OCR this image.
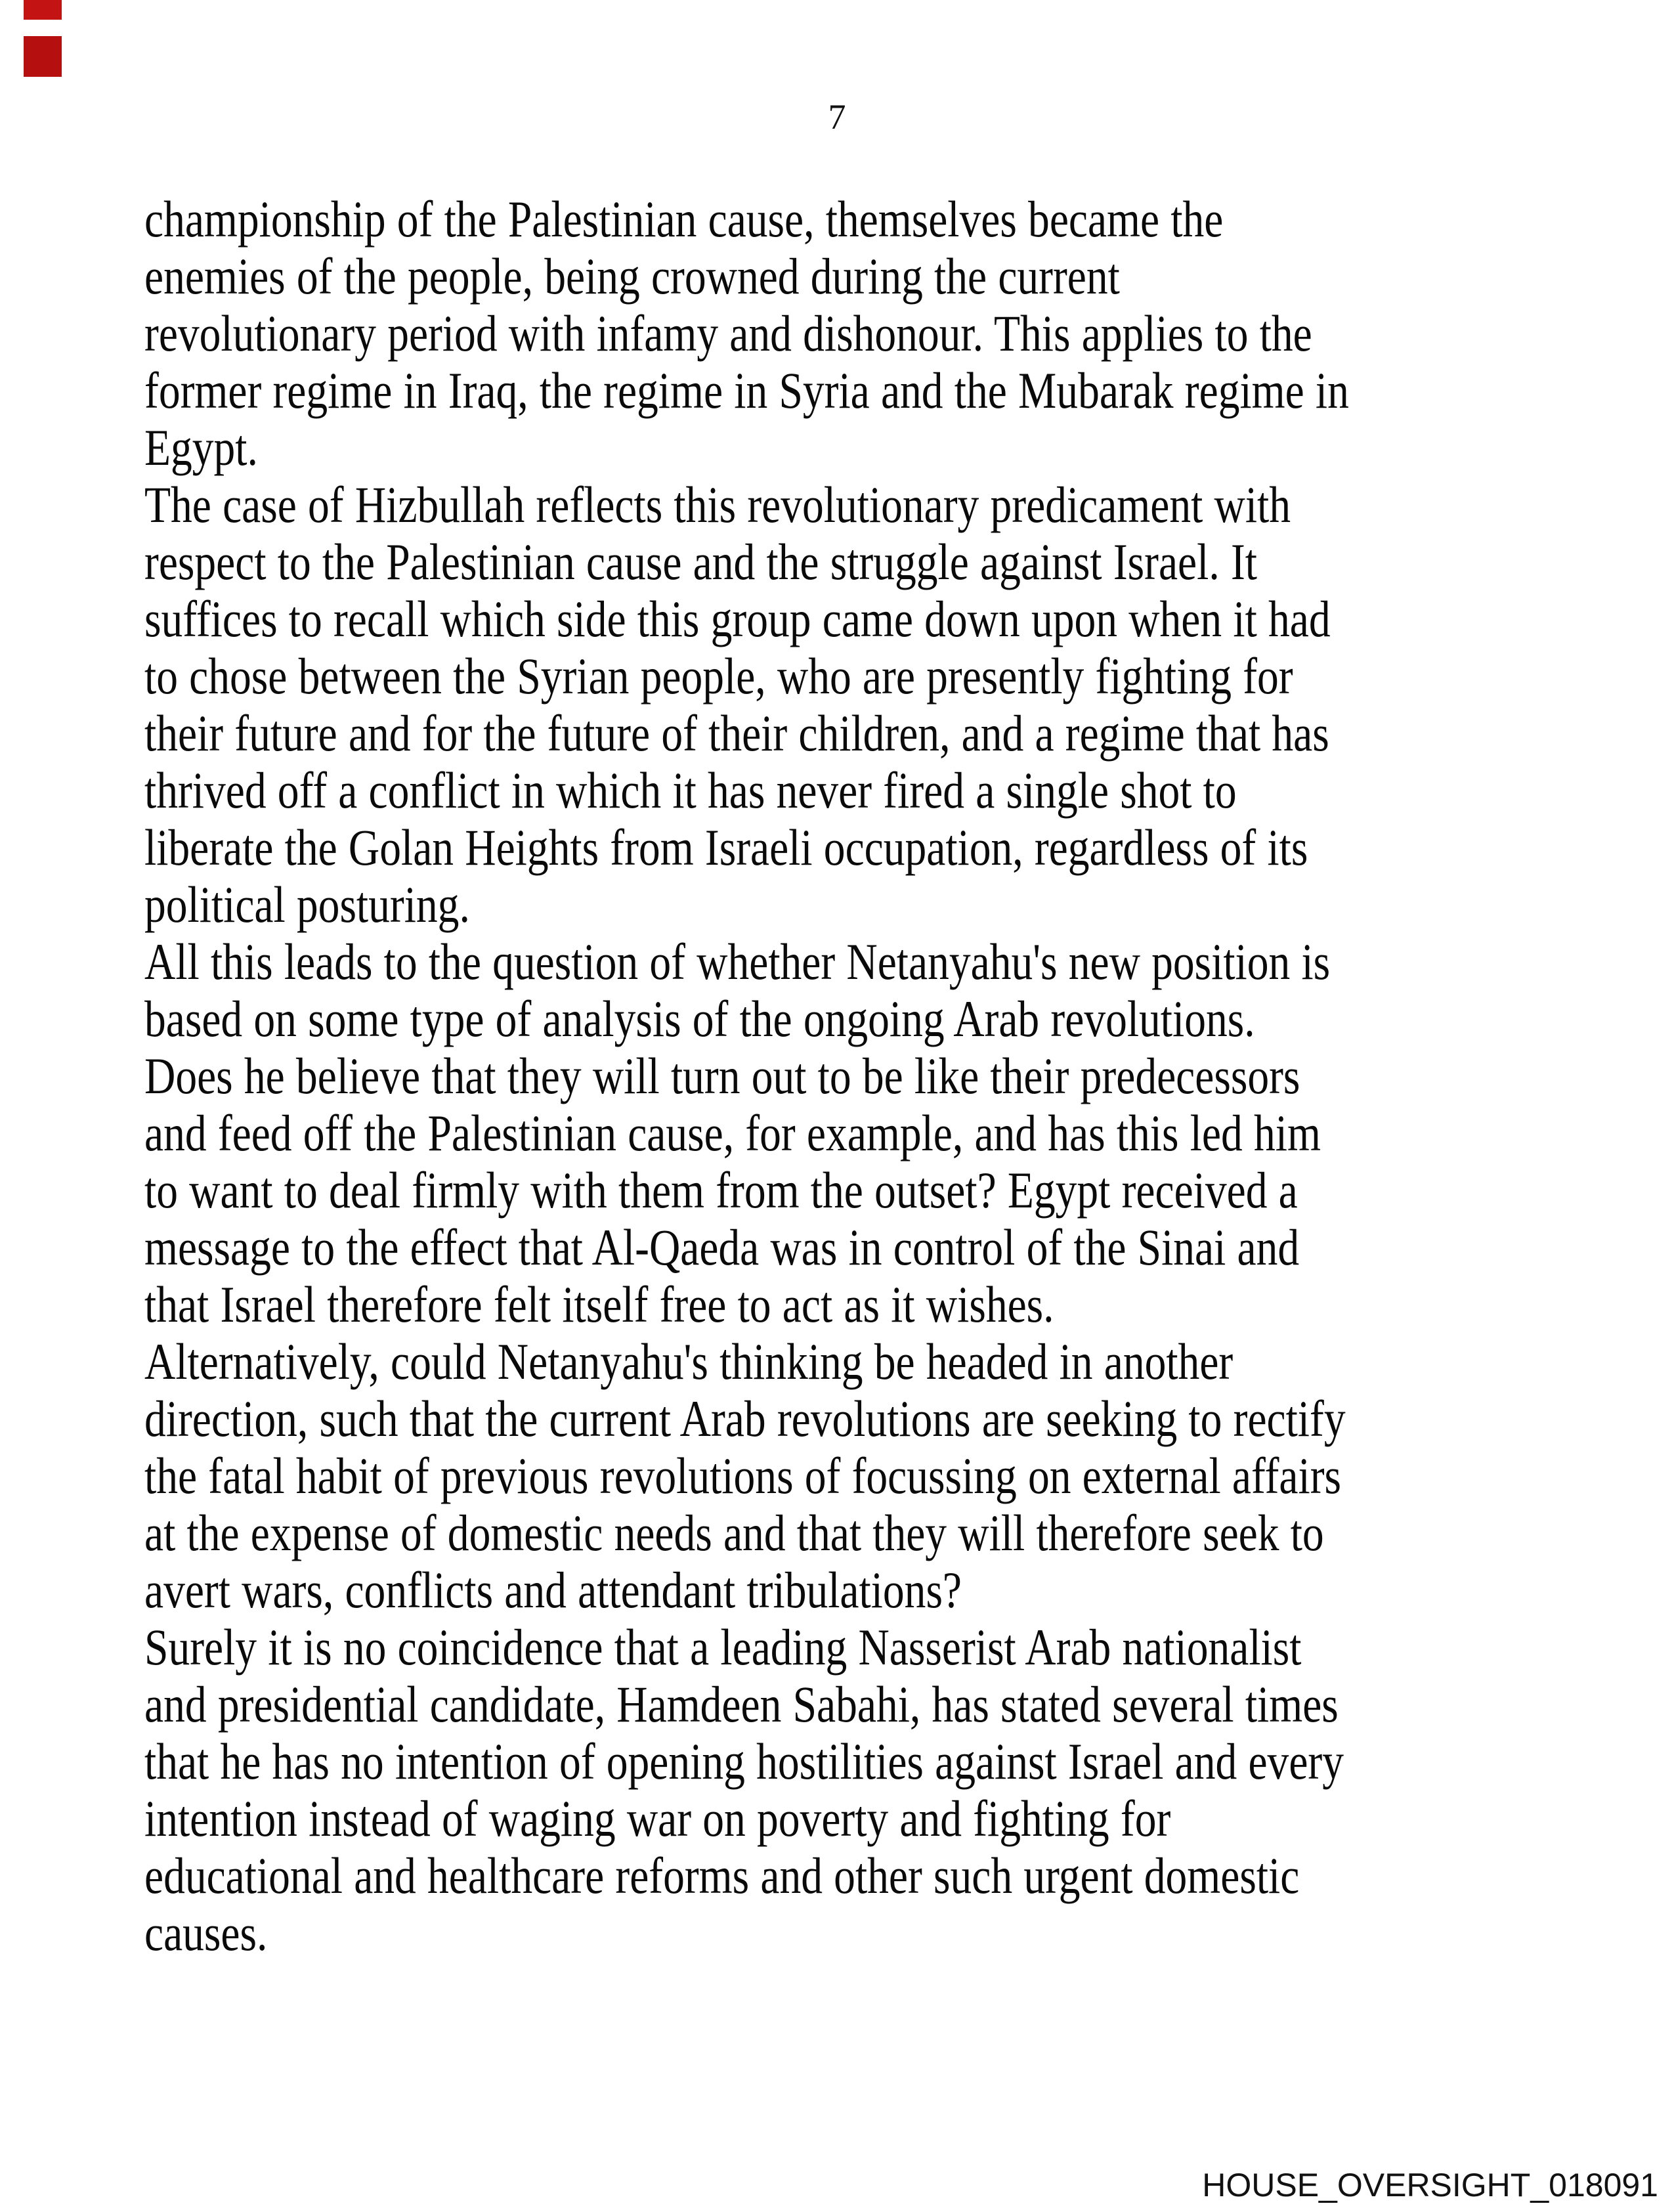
7
championship of the Palestinian cause, themselves became the
enemies of the people, being crowned during the current
revolutionary period with infamy and dishonour. This applies to the
former regime in Iraq, the regime in Syria and the Mubarak regime in
Egypt.
The case of Hizbullah reflects this revolutionary predicament with
respect to the Palestinian cause and the struggle against Israel. It
suffices to recall which side this group came down upon when it had
to chose between the Syrian people, who are presently fighting for
their future and for the future of their children, and a regime that has
thrived off a conflict in which it has never fired a single shot to
liberate the Golan Heights from Israeli occupation, regardless of its
political posturing.
All this leads to the question of whether Netanyahu's new position is
based on some type of analysis of the ongoing Arab revolutions.
Does he believe that they will turn out to be like their predecessors
and feed off the Palestinian cause, for example, and has this led him
to want to deal firmly with them from the outset? Egypt received a
message to the effect that Al-Qaeda was in control of the Sinai and
that Israel therefore felt itself free to act as it wishes.
Alternatively, could Netanyahu's thinking be headed in another
direction, such that the current Arab revolutions are seeking to rectify
the fatal habit of previous revolutions of focussing on external affairs
at the expense of domestic needs and that they will therefore seek to
avert wars, conflicts and attendant tribulations?
Surely it is no coincidence that a leading Nasserist Arab nationalist
and presidential candidate, Hamdeen Sabahi, has stated several times
that he has no intention of opening hostilities against Israel and every
intention instead of waging war on poverty and fighting for
educational and healthcare reforms and other such urgent domestic
causes.
HOUSE_OVERSIGHT_018091
